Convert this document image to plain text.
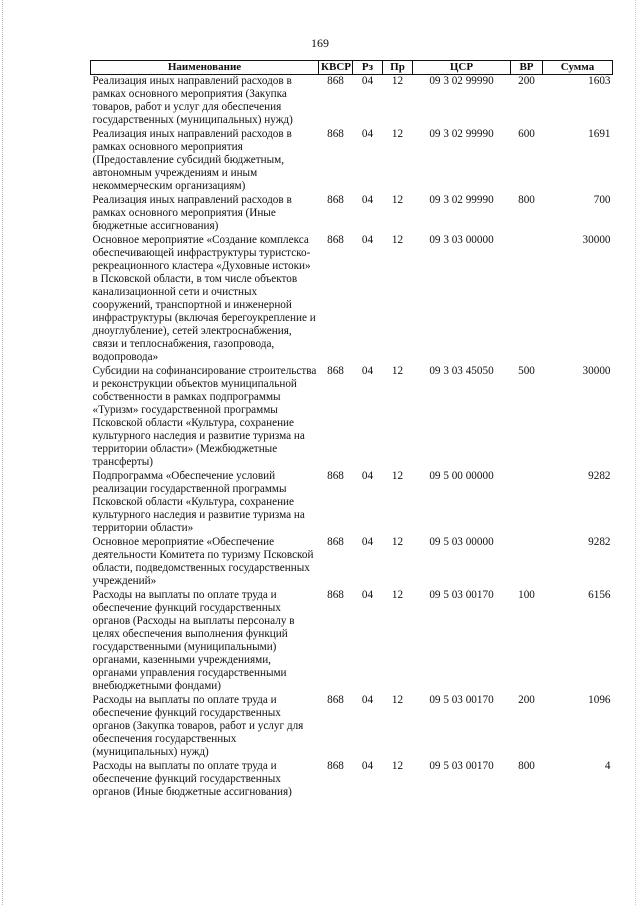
169
Наименование	КВСР	Рз	Пр	ЦСР	ВР	Сумма
Реализация иных направлений расходов в рамках основного мероприятия (Закупка товаров, работ и услуг для обеспечения государственных (муниципальных) нужд)	868	04	12	09 3 02 99990	200	1603
Реализация иных направлений расходов в рамках основного мероприятия (Предоставление субсидий бюджетным, автономным учреждениям и иным некоммерческим организациям)	868	04	12	09 3 02 99990	600	1691
Реализация иных направлений расходов в рамках основного мероприятия (Иные бюджетные ассигнования)	868	04	12	09 3 02 99990	800	700
Основное мероприятие «Создание комплекса обеспечивающей инфраструктуры туристско-рекреационного кластера «Духовные истоки» в Псковской области, в том числе объектов канализационной сети и очистных сооружений, транспортной и инженерной инфраструктуры (включая берегоукрепление и дноуглубление), сетей электроснабжения, связи и теплоснабжения, газопровода, водопровода»	868	04	12	09 3 03 00000		30000
Субсидии на софинансирование строительства и реконструкции объектов муниципальной собственности в рамках подпрограммы «Туризм» государственной программы Псковской области «Культура, сохранение культурного наследия и развитие туризма на территории области» (Межбюджетные трансферты)	868	04	12	09 3 03 45050	500	30000
Подпрограмма «Обеспечение условий реализации государственной программы Псковской области «Культура, сохранение культурного наследия и развитие туризма на территории области»	868	04	12	09 5 00 00000		9282
Основное мероприятие «Обеспечение деятельности Комитета по туризму Псковской области, подведомственных государственных учреждений»	868	04	12	09 5 03 00000		9282
Расходы на выплаты по оплате труда и обеспечение функций государственных органов (Расходы на выплаты персоналу в целях обеспечения выполнения функций государственными (муниципальными) органами, казенными учреждениями, органами управления государственными внебюджетными фондами)	868	04	12	09 5 03 00170	100	6156
Расходы на выплаты по оплате труда и обеспечение функций государственных органов (Закупка товаров, работ и услуг для обеспечения государственных (муниципальных) нужд)	868	04	12	09 5 03 00170	200	1096
Расходы на выплаты по оплате труда и обеспечение функций государственных органов (Иные бюджетные ассигнования)	868	04	12	09 5 03 00170	800	4
